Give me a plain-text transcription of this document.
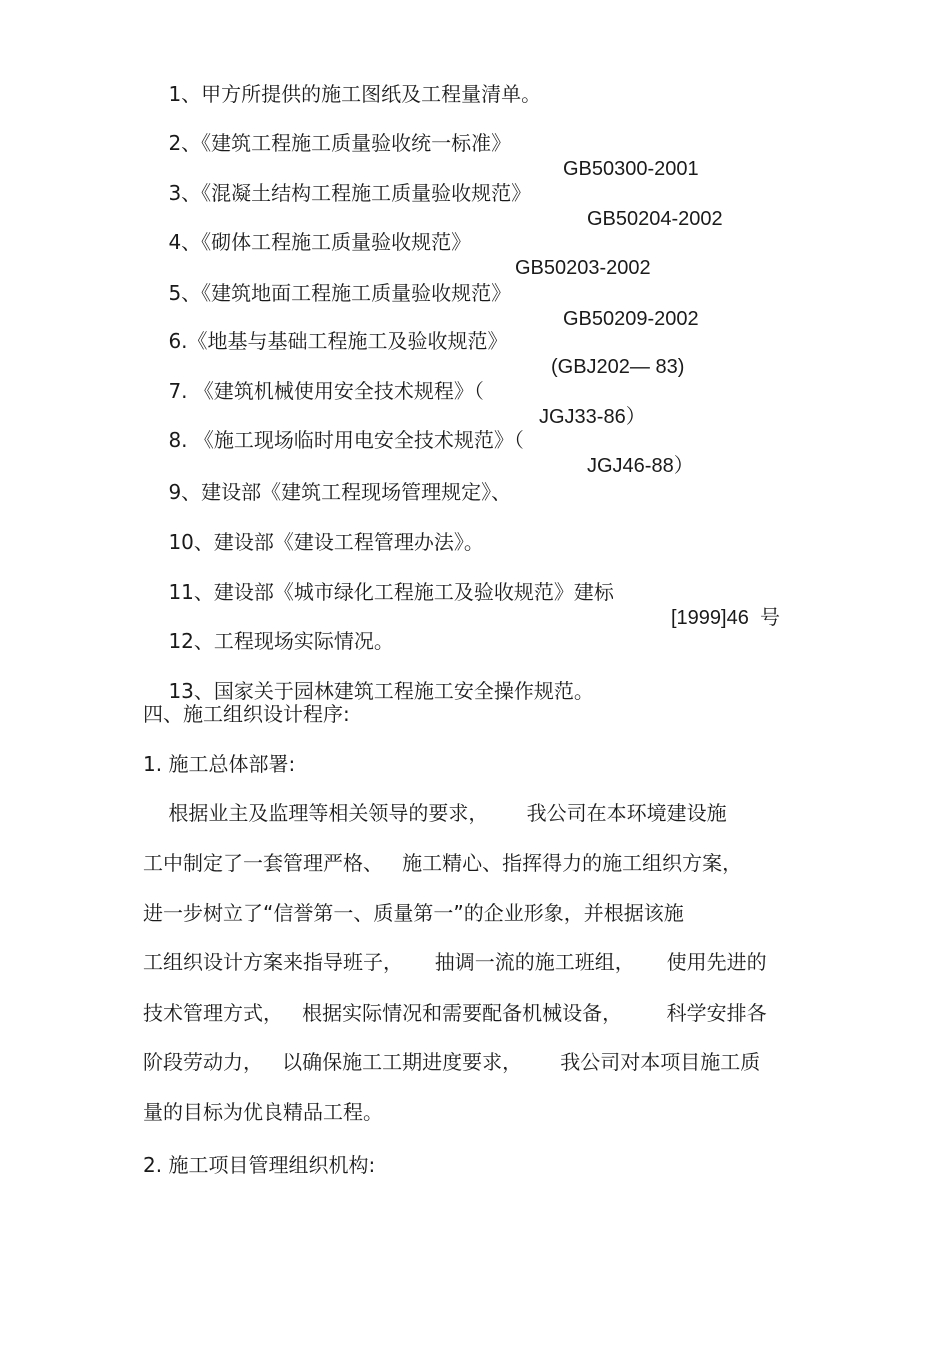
1、甲方所提供的施工图纸及工程量清单。

2、《建筑工程施工质量验收统一标准》

GB50300-2001

3、《混凝土结构工程施工质量验收规范》

GB50204-2002

4、《砌体工程施工质量验收规范》

GB50203-2002

5、《建筑地面工程施工质量验收规范》

GB50209-2002

6.《地基与基础工程施工及验收规范》

(GBJ202— 83)

7. 《建筑机械使用安全技术规程》（

JGJ33-86）

8. 《施工现场临时用电安全技术规范》（

JGJ46-88）

9、建设部《建筑工程现场管理规定》、

10、建设部《建设工程管理办法》。

11、建设部《城市绿化工程施工及验收规范》建标

[1999]46  号

12、工程现场实际情况。

13、国家关于园林建筑工程施工安全操作规范。

四、施工组织设计程序:
1. 施工总体部署:
根据业主及监理等相关领导的要求，      我公司在本环境建设施
工中制定了一套管理严格、   施工精心、指挥得力的施工组织方案，
进一步树立了“信誉第一、质量第一”的企业形象，并根据该施
工组织设计方案来指导班子，     抽调一流的施工班组，     使用先进的
技术管理方式，   根据实际情况和需要配备机械设备，       科学安排各
阶段劳动力，   以确保施工工期进度要求，      我公司对本项目施工质
量的目标为优良精品工程。
2. 施工项目管理组织机构:
